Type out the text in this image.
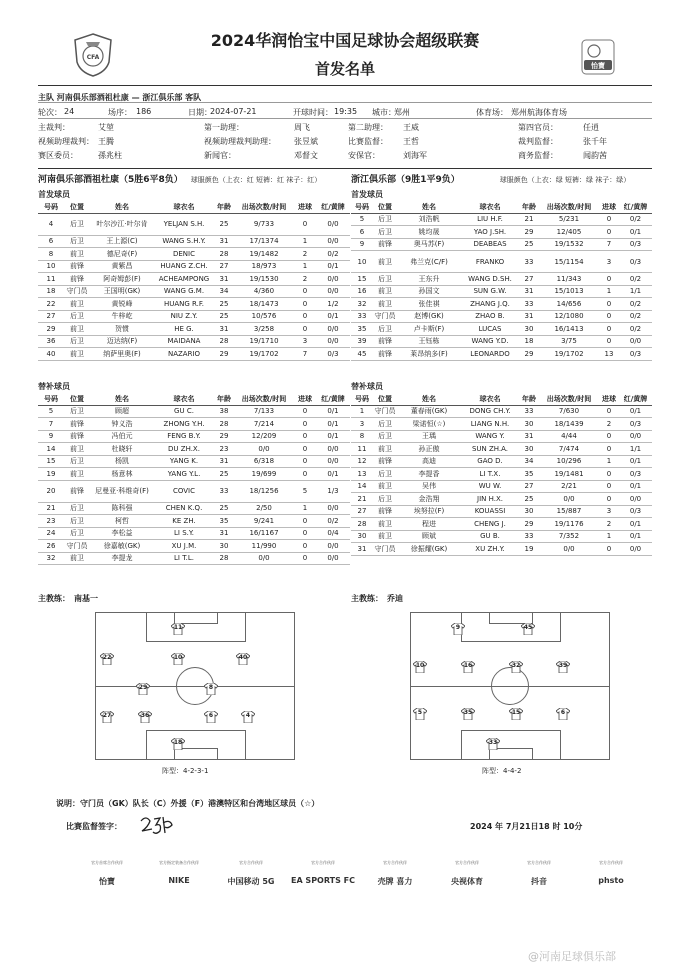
CFA
怡寶
2024华润怡宝中国足球协会超级联赛
首发名单
主队 河南俱乐部酒祖杜康 — 浙江俱乐部 客队
轮次： 24	场序： 186	日期：
2024-07-21	开球时间： 19:35 城市：
郑州	体育场： 郑州航海体育场
主裁判：	艾堃	第一助理：	周飞	第二助理： 王威	第四官员：	任逍
视频助理裁判： 王腾	视频助理裁判助理： 张昱斌	比赛监督： 王哲	裁判监督：	张千年
赛区委员：	孫兆柱	新闻官：	邓督文	安保官：	刘海军	商务监督：	闻韵茜
河南俱乐部酒祖杜康（5胜6平8负） 球服颜色（上衣：红 短裤：红 袜子：红）	浙江俱乐部（9胜1平9负）	球服颜色（上衣：绿 短裤：绿 袜子：绿）
首发球员	首发球员
号码	位置	姓名	球衣名	年龄	出场次数/时间	进球	红/黄牌
4	后卫	叶尔沙江·叶尔肯	YELJAN S.H.	25	9/733	0	0/0
6	后卫	王上源(C)	WANG S.H.Y.	31	17/1374	1	0/0
8	前卫	德尼奇(F)	DENIC	28	19/1482	2	0/2
10	前锋	黄紫昌	HUANG Z.CH.	27	18/973	1	0/1
11	前锋	阿奇姆彭(F)	ACHEAMPONG	31	19/1530	2	0/0
18	守门员	王国明(GK)	WANG G.M.	34	4/360	0	0/0
22	前卫	黄锐峰	HUANG R.F.	25	18/1473	0	1/2
27	后卫	牛梓屹	NIU Z.Y.	25	10/576	0	0/1
29	前卫	贺惯	HE G.	31	3/258	0	0/0
36	后卫	迈达纳(F)	MAIDANA	28	19/1710	3	0/0
40	前卫	纳萨里奥(F)	NAZARIO	29	19/1702	7	0/3
号码	位置	姓名	球衣名	年龄	出场次数/时间	进球	红/黄牌
5	后卫	刘浩帆	LIU H.F.	21	5/231	0	0/2
6	后卫	姚均晟	YAO J.SH.	29	12/405	0	0/1
9	前锋	奥马苏(F)	DEABEAS	25	19/1532	7	0/3
10	前卫	弗兰克(C/F)	FRANKO	33	15/1154	3	0/3
15	后卫	王东升	WANG D.SH.	27	11/343	0	0/2
16	前卫	孙国文	SUN G.W.	31	15/1013	1	1/1
32	前卫	张佳祺	ZHANG J.Q.	33	14/656	0	0/2
33	守门员	赵博(GK)	ZHAO B.	31	12/1080	0	0/2
35	后卫	卢卡斯(F)	LUCAS	30	16/1413	0	0/2
39	前锋	王钰栋	WANG Y.D.	18	3/75	0	0/0
45	前锋	莱昂纳多(F)	LEONARDO	29	19/1702	13	0/3
替补球员	替补球员
号码	位置	姓名	球衣名	年龄	出场次数/时间	进球	红/黄牌
5	后卫	顾超	GU C.	38	7/133	0	0/1
7	前锋	钟义浩	ZHONG Y.H.	28	7/214	0	0/1
9	前锋	冯伯元	FENG B.Y.	29	12/209	0	0/1
14	前卫	杜晓轩	DU ZH.X.	23	0/0	0	0/0
15	后卫	杨凯	YANG K.	31	6/318	0	0/0
19	前卫	杨意林	YANG Y.L.	25	19/699	0	0/1
20	前锋	尼曼亚·科维奇(F)	COVIC	33	18/1256	5	1/3
21	后卫	陈科强	CHEN K.Q.	25	2/50	1	0/0
23	后卫	柯哲	KE ZH.	35	9/241	0	0/2
24	后卫	李松益	LI S.Y.	31	16/1167	0	0/4
26	守门员	徐嘉敏(GK)	XU J.M.	30	11/990	0	0/0
32	前卫	李提龙	LI T.L.	28	0/0	0	0/0
号码	位置	姓名	球衣名	年龄	出场次数/时间	进球	红/黄牌
1	守门员	董春雨(GK)	DONG CH.Y.	33	7/630	0	0/1
3	后卫	梁诺恒(☆)	LIANG N.H.	30	18/1439	2	0/3
8	后卫	王瑀	WANG Y.	31	4/44	0	0/0
11	前卫	孙正傲	SUN ZH.A.	30	7/474	0	1/1
12	前锋	高迪	GAO D.	34	10/296	1	0/1
13	后卫	李提香	LI T.X.	35	19/1481	0	0/3
14	前卫	吴伟	WU W.	27	2/21	0	0/1
21	后卫	金浩翔	JIN H.X.	25	0/0	0	0/0
27	前锋	埃努拉(F)	KOUASSI	30	15/887	3	0/3
28	前卫	程进	CHENG J.	29	19/1176	2	0/1
30	前卫	顾斌	GU B.	33	7/352	1	0/1
31	守门员	徐振耀(GK)	XU ZH.Y.	19	0/0	0	0/0
主教练： 南基一	主教练： 乔迪
11
22	10	40
29	8
27	36	6	4
18
阵型：4-2-3-1
9	45
10	16	32	39
5	35	15	6
33
阵型：4-4-2
说明：守门员（GK）队长（C）外援（F）港澳特区和台湾地区球员（☆）
比赛监督签字：	2024 年 7月21日18 时 10分
官方首席合作伙伴
怡寶
官方指定装备合作伙伴
NIKE
官方合作伙伴
中国移动 5G
官方合作伙伴
EA SPORTS FC
官方合作伙伴
壳牌 喜力
官方合作伙伴
央视体育
官方合作伙伴
抖音
官方合作伙伴
phsto
@河南足球俱乐部
